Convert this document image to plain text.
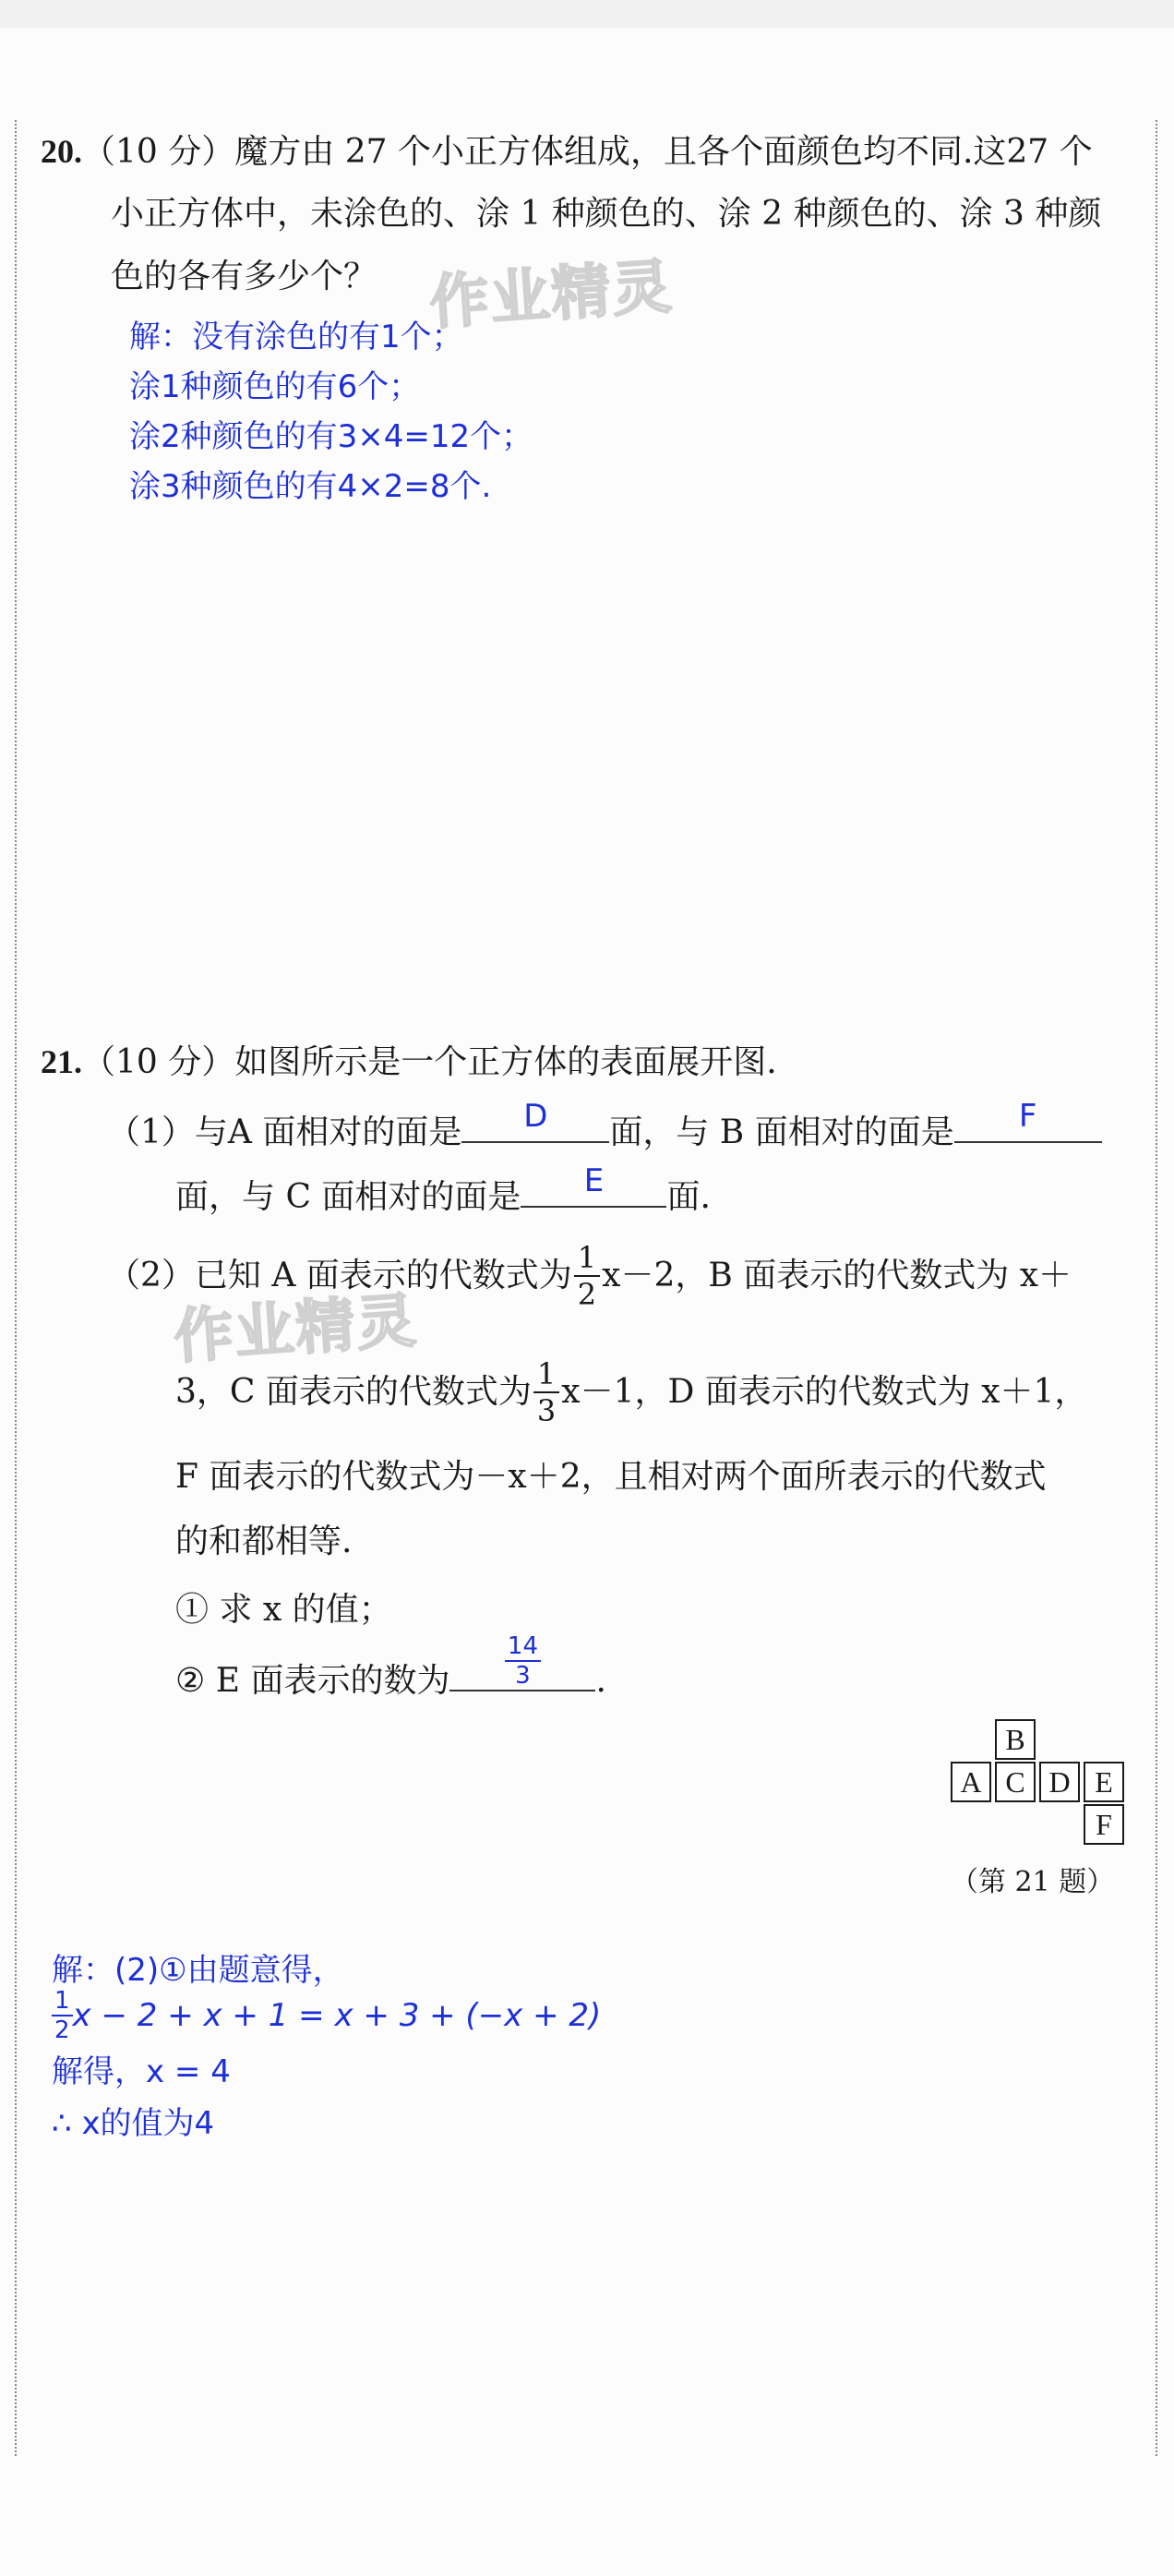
20.（10 分）魔方由 27 个小正方体组成，且各个面颜色均不同.这27 个
小正方体中，未涂色的、涂 1 种颜色的、涂 2 种颜色的、涂 3 种颜
色的各有多少个？ 作业精灵
解：没有涂色的有1个；
涂1种颜色的有6个；
涂2种颜色的有3×4=12个；
涂3种颜色的有4×2=8个.
21.（10 分）如图所示是一个正方体的表面展开图.
（1）与A 面相对的面是	D	面，与 B 面相对的面是	F
面，与 C 面相对的面是	E	面.
（2）已知 A 面表示的代数式为 $\frac{1}{2} x-2$，B 面表示的代数式为 x＋
作业精灵
3，C 面表示的代数式为 $\frac{1}{3} x-1$，D 面表示的代数式为 x＋1，
F 面表示的代数式为－x＋2，且相对两个面所表示的代数式
的和都相等.
① 求 x 的值；
② E 面表示的数为 $\frac{14}{3}$ .
B
A C D E
F
（第 21 题）
解：(2)①由题意得，
$\frac{1}{2}$ x − 2 + x + 1 = x + 3 + (−x + 2)
解得，x = 4
∴ x的值为4
